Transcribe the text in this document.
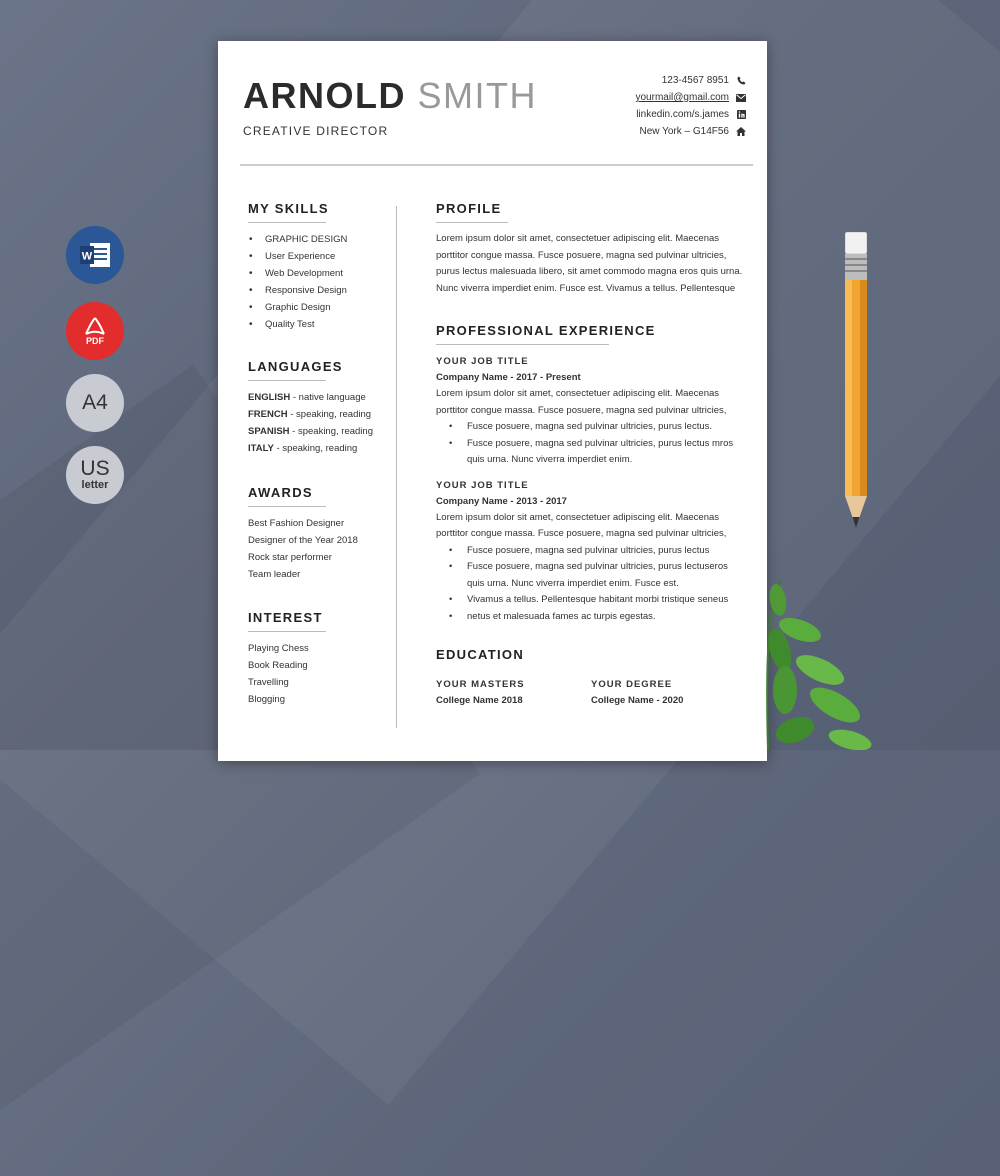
W
PDF
A4
US
letter
ARNOLD SMITH
CREATIVE DIRECTOR
123-4567 8951
yourmail@gmail.com
linkedin.com/s.james
New York – G14F56
MY SKILLS
• GRAPHIC DESIGN
• User Experience
• Web Development
• Responsive Design
• Graphic Design
• Quality Test
LANGUAGES
ENGLISH - native language
FRENCH - speaking, reading
SPANISH - speaking, reading
ITALY - speaking, reading
AWARDS
Best Fashion Designer
Designer of the Year 2018
Rock star performer
Team leader
INTEREST
Playing Chess
Book Reading
Travelling
Blogging
PROFILE

Lorem ipsum dolor sit amet, consectetuer adipiscing elit. Maecenas porttitor congue massa. Fusce posuere, magna sed pulvinar ultricies, purus lectus malesuada libero, sit amet commodo magna eros quis urna. Nunc viverra imperdiet enim. Fusce est. Vivamus a tellus. Pellentesque

PROFESSIONAL EXPERIENCE
YOUR JOB TITLE
Company Name - 2017 - Present

Lorem ipsum dolor sit amet, consectetuer adipiscing elit. Maecenas porttitor congue massa. Fusce posuere, magna sed pulvinar ultricies,

• Fusce posuere, magna sed pulvinar ultricies, purus lectus.
• Fusce posuere, magna sed pulvinar ultricies, purus lectus mros quis urna. Nunc viverra imperdiet enim.
YOUR JOB TITLE
Company Name - 2013 - 2017

Lorem ipsum dolor sit amet, consectetuer adipiscing elit. Maecenas porttitor congue massa. Fusce posuere, magna sed pulvinar ultricies,

• Fusce posuere, magna sed pulvinar ultricies, purus lectus
• Fusce posuere, magna sed pulvinar ultricies, purus lectuseros quis urna. Nunc viverra imperdiet enim. Fusce est.
• Vivamus a tellus. Pellentesque habitant morbi tristique seneus
• netus et malesuada fames ac turpis egestas.
EDUCATION
YOUR MASTERS
College Name 2018
YOUR DEGREE
College Name - 2020
